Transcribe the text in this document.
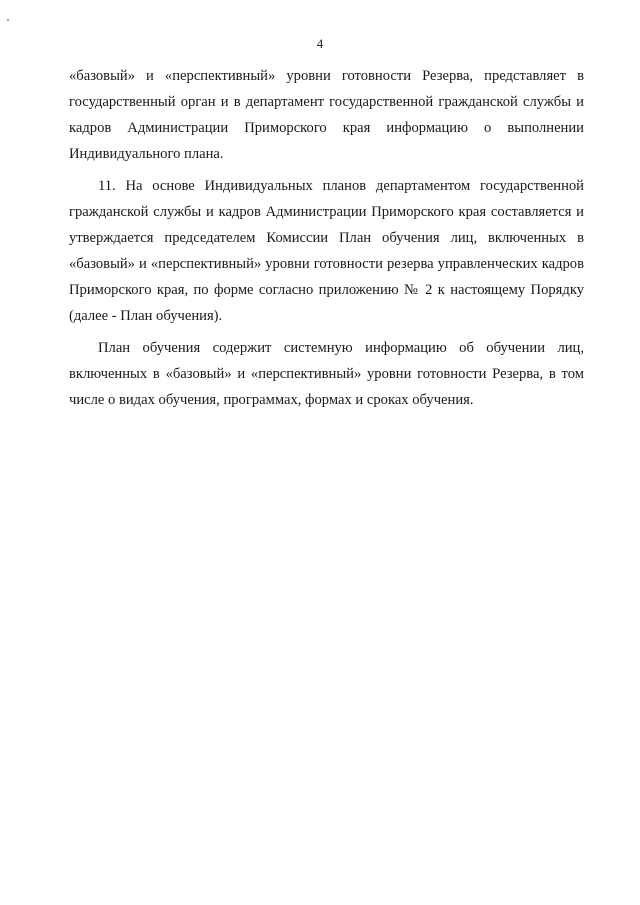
4

«базовый» и «перспективный» уровни готовности Резерва, представляет в государственный орган и в департамент государственной гражданской службы и кадров Администрации Приморского края информацию о выполнении Индивидуального плана.

11. На основе Индивидуальных планов департаментом государственной гражданской службы и кадров Администрации Приморского края составляется и утверждается председателем Комиссии План обучения лиц, включенных в «базовый» и «перспективный» уровни готовности резерва управленческих кадров Приморского края, по форме согласно приложению № 2 к настоящему Порядку (далее - План обучения).

План обучения содержит системную информацию об обучении лиц, включенных в «базовый» и «перспективный» уровни готовности Резерва, в том числе о видах обучения, программах, формах и сроках обучения.
